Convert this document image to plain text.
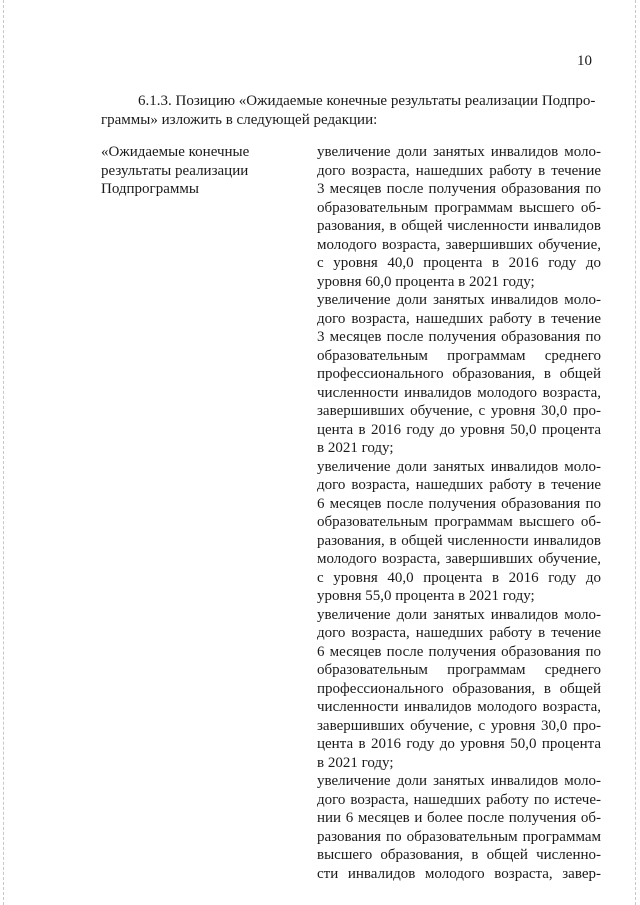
10
6.1.3. Позицию «Ожидаемые конечные результаты реализации Подпро-
граммы» изложить в следующей редакции:
«Ожидаемые конечные
результаты реализации
Подпрограммы
увеличение доли занятых инвалидов моло-
дого возраста, нашедших работу в течение
3 месяцев после получения образования по
образовательным программам высшего об-
разования, в общей численности инвалидов
молодого возраста, завершивших обучение,
с уровня 40,0 процента в 2016 году до
уровня 60,0 процента в 2021 году;
увеличение доли занятых инвалидов моло-
дого возраста, нашедших работу в течение
3 месяцев после получения образования по
образовательным программам среднего
профессионального образования, в общей
численности инвалидов молодого возраста,
завершивших обучение, с уровня 30,0 про-
цента в 2016 году до уровня 50,0 процента
в 2021 году;
увеличение доли занятых инвалидов моло-
дого возраста, нашедших работу в течение
6 месяцев после получения образования по
образовательным программам высшего об-
разования, в общей численности инвалидов
молодого возраста, завершивших обучение,
с уровня 40,0 процента в 2016 году до
уровня 55,0 процента в 2021 году;
увеличение доли занятых инвалидов моло-
дого возраста, нашедших работу в течение
6 месяцев после получения образования по
образовательным программам среднего
профессионального образования, в общей
численности инвалидов молодого возраста,
завершивших обучение, с уровня 30,0 про-
цента в 2016 году до уровня 50,0 процента
в 2021 году;
увеличение доли занятых инвалидов моло-
дого возраста, нашедших работу по истече-
нии 6 месяцев и более после получения об-
разования по образовательным программам
высшего образования, в общей численно-
сти инвалидов молодого возраста, завер-
